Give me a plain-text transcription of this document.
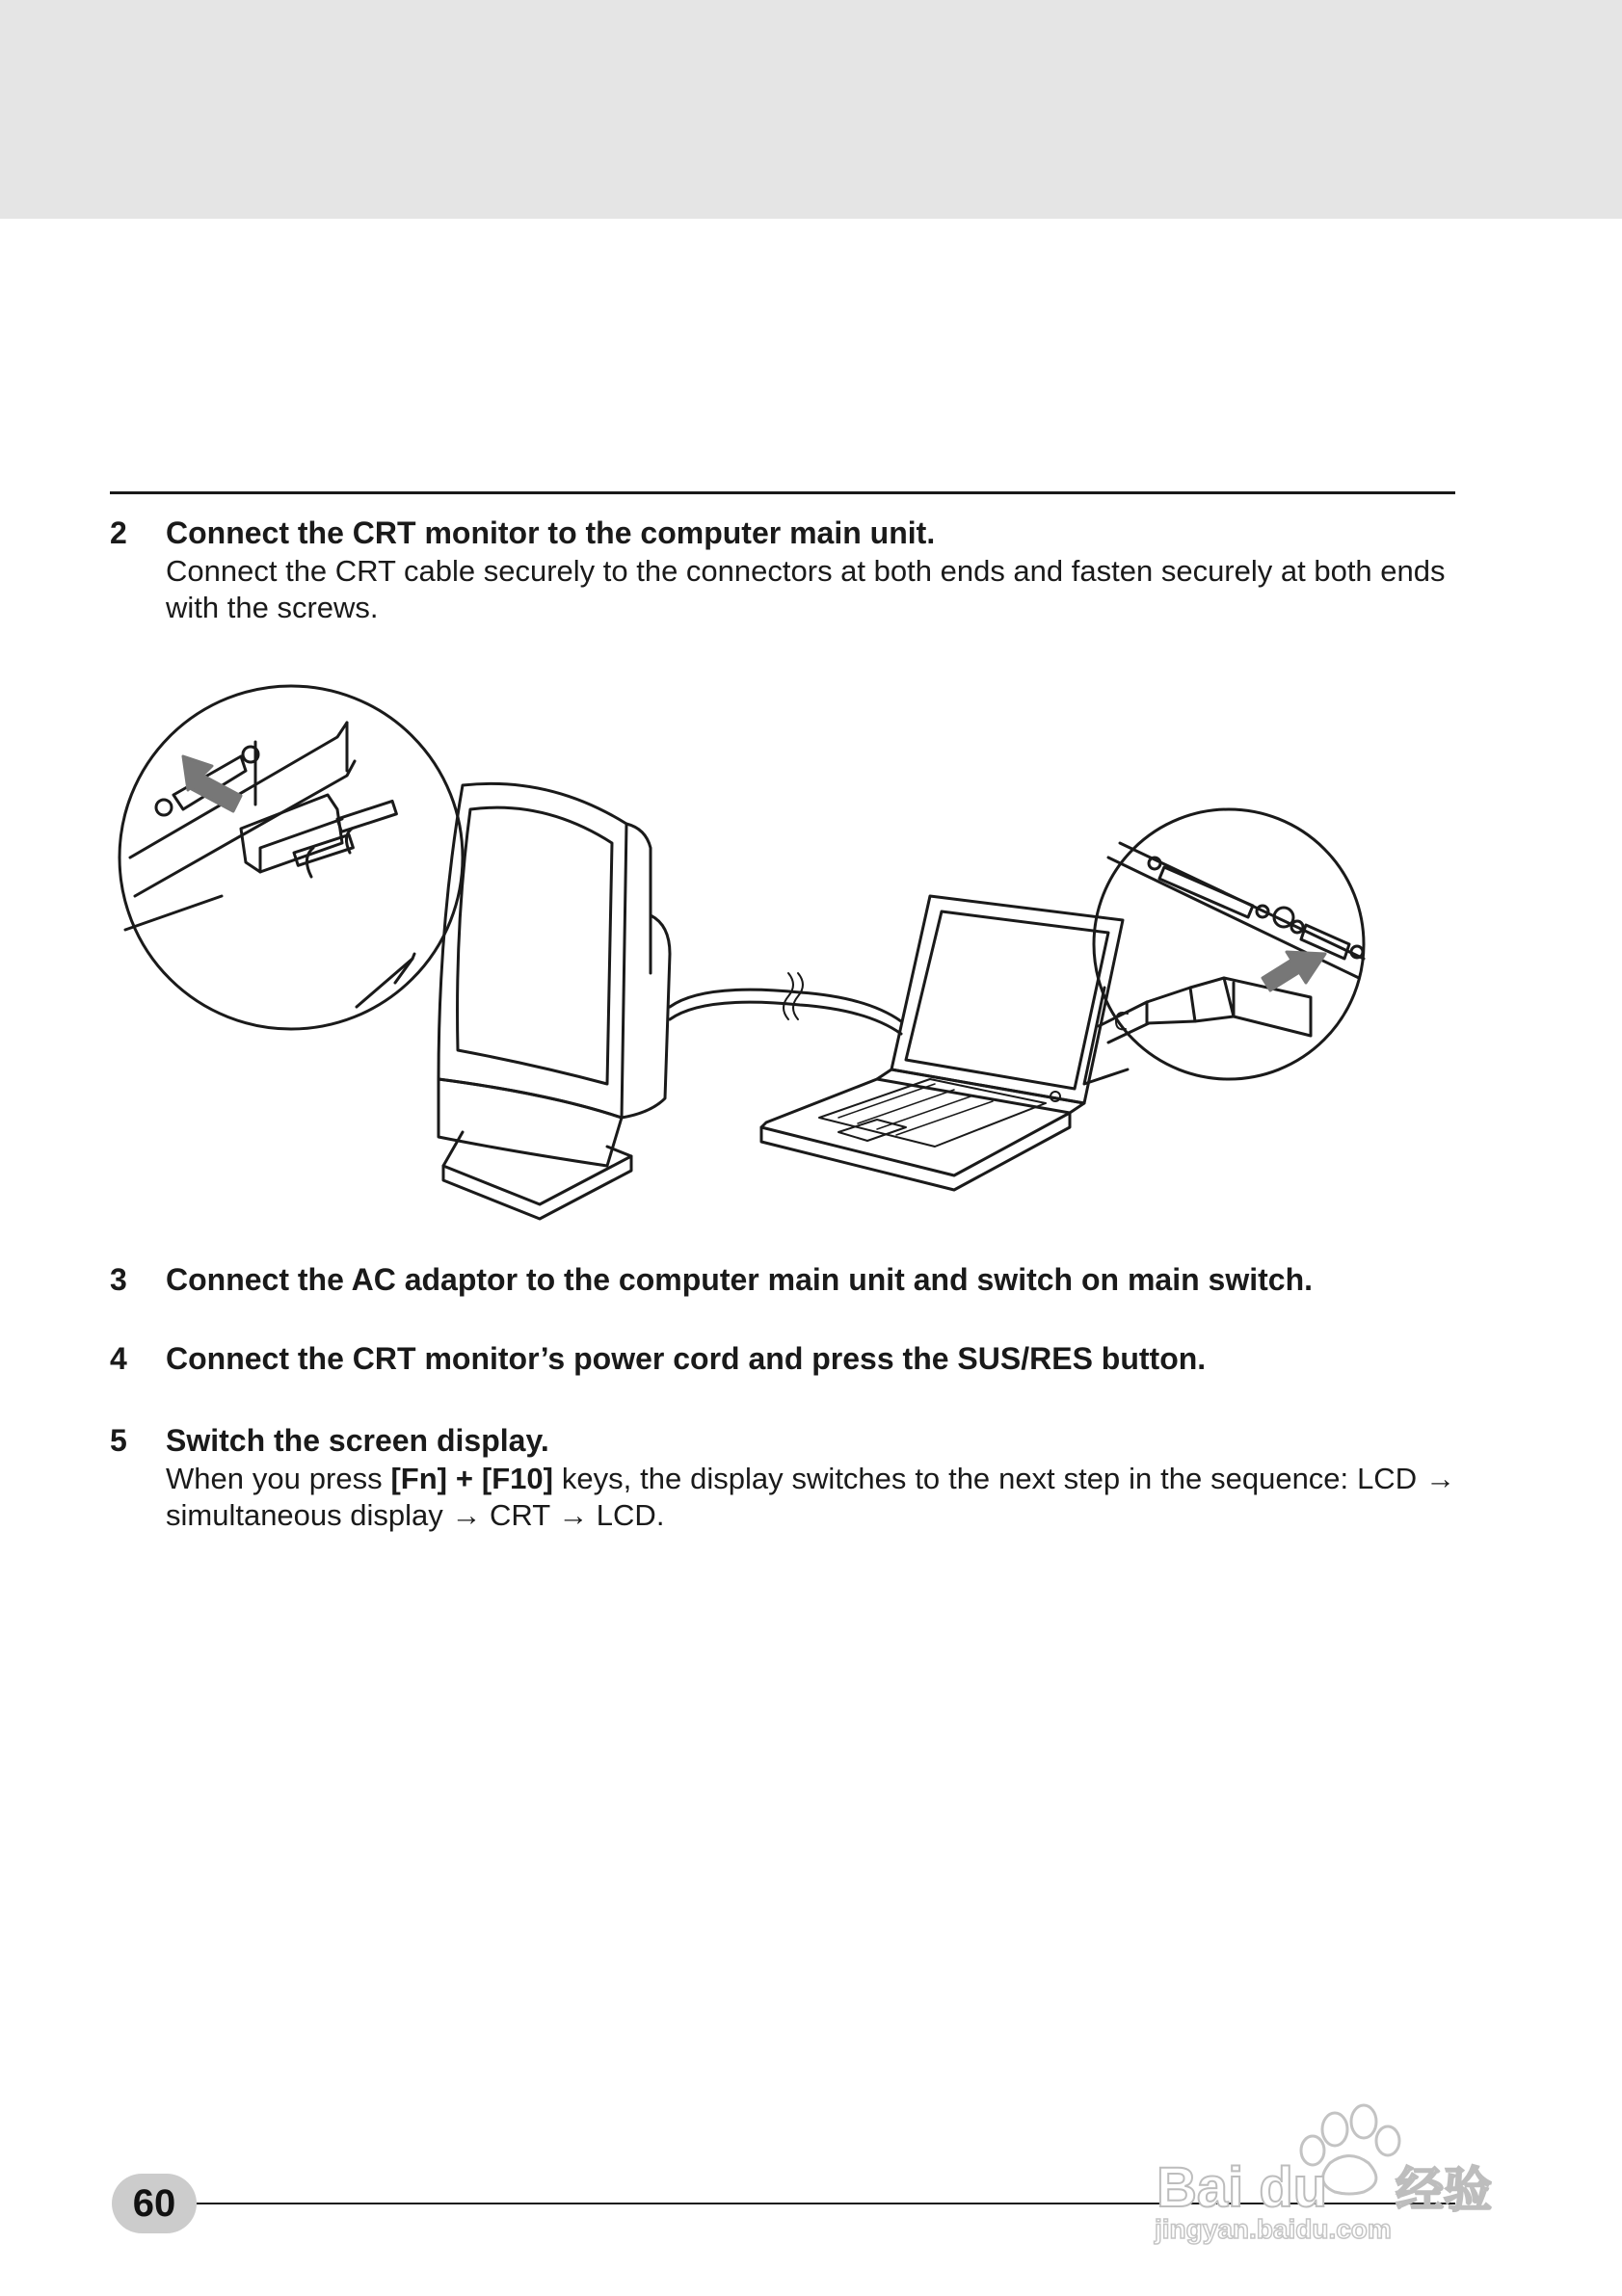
2 Connect the CRT monitor to the computer main unit.
Connect the CRT cable securely to the connectors at both ends and fasten securely at both ends with the screws.
3 Connect the AC adaptor to the computer main unit and switch on main switch.
4 Connect the CRT monitor’s power cord and press the SUS/RES button.
5 Switch the screen display.
When you press [Fn] + [F10] keys, the display switches to the next step in the sequence: LCD → simultaneous display → CRT → LCD.
60	Bai du 经验
jingyan.baidu.com
